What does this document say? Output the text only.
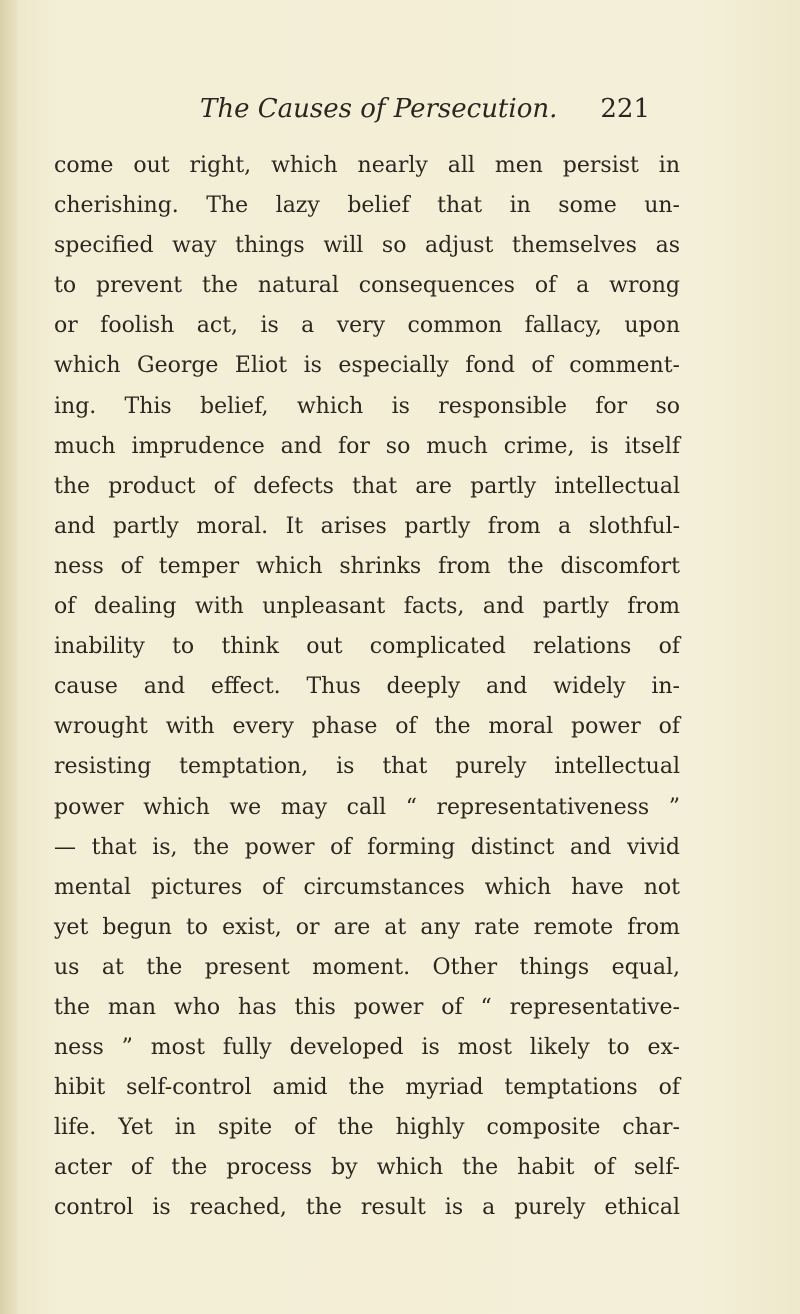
The Causes of Persecution. 221
come out right, which nearly all men persist in
cherishing. The lazy belief that in some un-
specified way things will so adjust themselves as
to prevent the natural consequences of a wrong
or foolish act, is a very common fallacy, upon
which George Eliot is especially fond of comment-
ing. This belief, which is responsible for so
much imprudence and for so much crime, is itself
the product of defects that are partly intellectual
and partly moral. It arises partly from a slothful-
ness of temper which shrinks from the discomfort
of dealing with unpleasant facts, and partly from
inability to think out complicated relations of
cause and effect. Thus deeply and widely in-
wrought with every phase of the moral power of
resisting temptation, is that purely intellectual
power which we may call “ representativeness ”
— that is, the power of forming distinct and vivid
mental pictures of circumstances which have not
yet begun to exist, or are at any rate remote from
us at the present moment. Other things equal,
the man who has this power of “ representative-
ness ” most fully developed is most likely to ex-
hibit self-control amid the myriad temptations of
life. Yet in spite of the highly composite char-
acter of the process by which the habit of self-
control is reached, the result is a purely ethical
